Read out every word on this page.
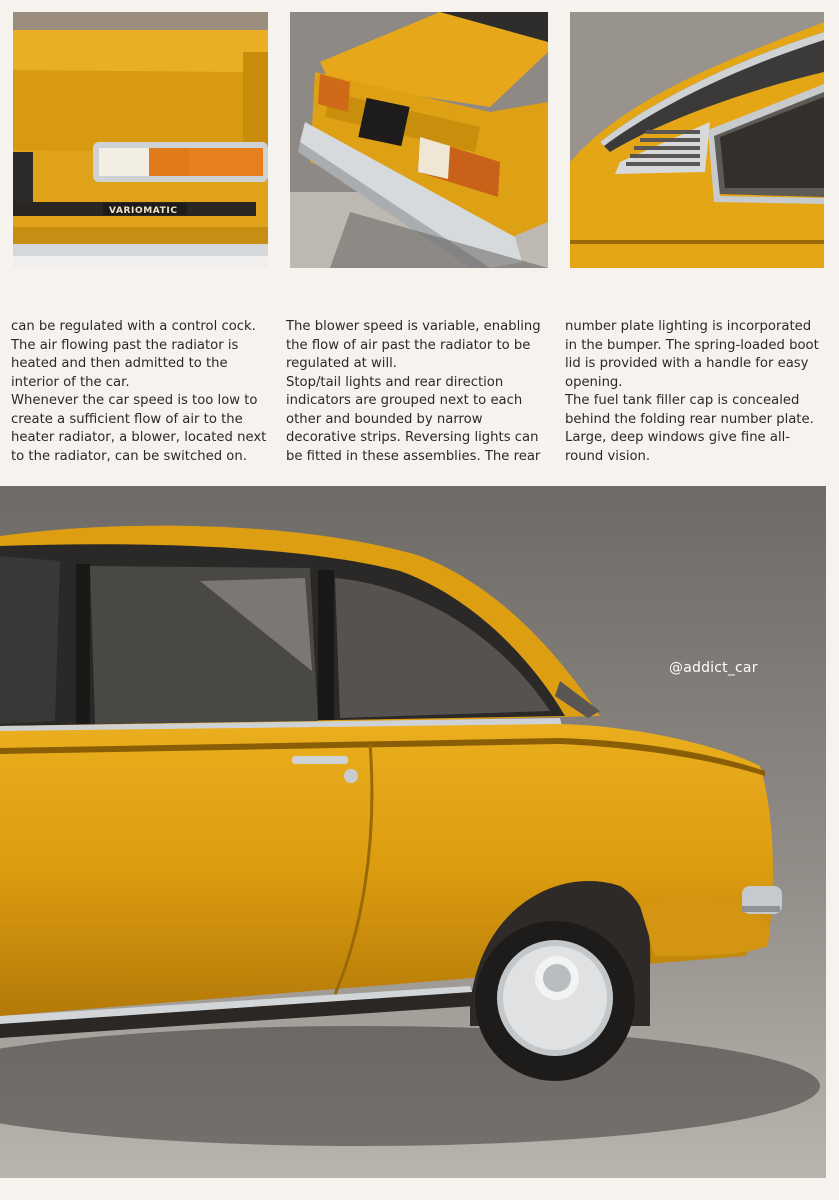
VARIOMATIC

can be regulated with a control cock. The air flowing past the radiator is heated and then admitted to the interior of the car.

Whenever the car speed is too low to create a sufficient flow of air to the heater radiator, a blower, located next to the radiator, can be switched on.

The blower speed is variable, enabling the flow of air past the radiator to be regulated at will.

Stop/tail lights and rear direction indicators are grouped next to each other and bounded by narrow decorative strips. Reversing lights can be fitted in these assemblies. The rear

number plate lighting is incorporated in the bumper. The spring-loaded boot lid is provided with a handle for easy opening.

The fuel tank filler cap is concealed behind the folding rear number plate. Large, deep windows give fine all-round vision.

@addict_car
